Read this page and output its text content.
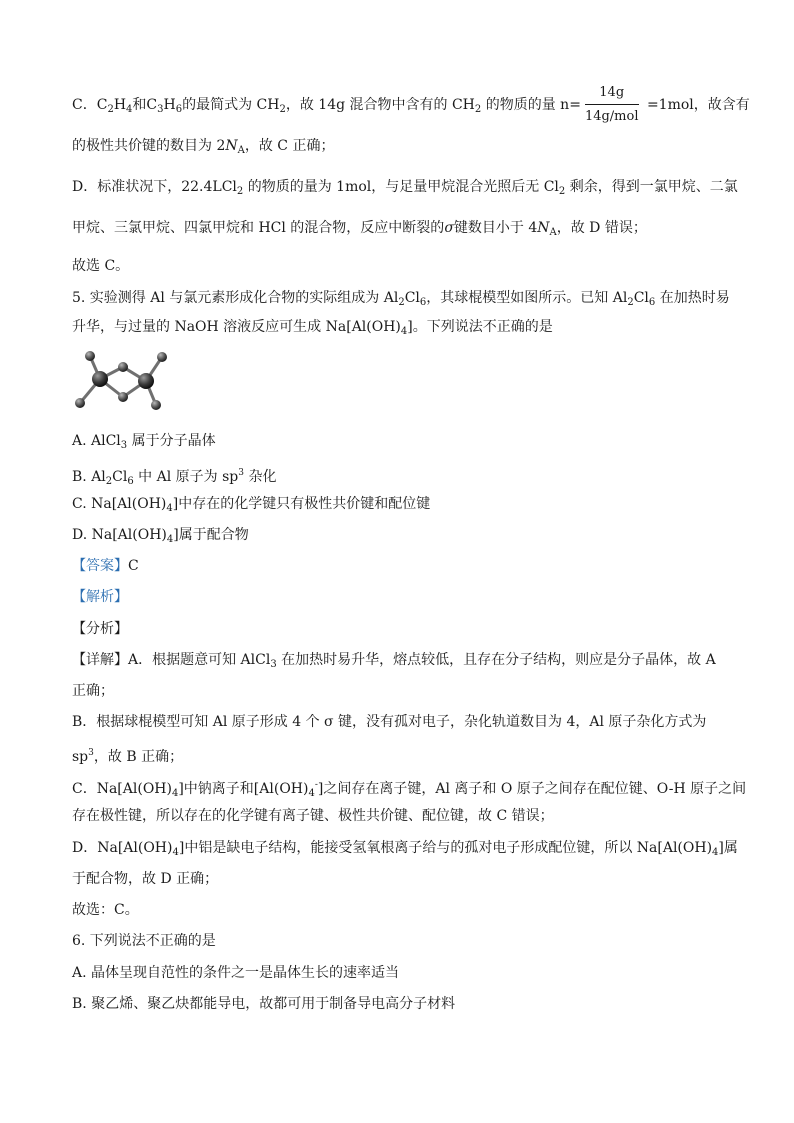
C．$C_2H_4$和$C_3H_6$的最简式为 $CH_2$，故 14g 混合物中含有的 $CH_2$ 的物质的量 $n= \frac{14g}{\text{14g/mol}} =1mol$，故含有
的极性共价键的数目为 $2N_A$，故 C 正确；
D．标准状况下，22.4LCl$_2$ 的物质的量为 1mol，与足量甲烷混合光照后无 $Cl_2$ 剩余，得到一氯甲烷、二氯
甲烷、三氯甲烷、四氯甲烷和 HCl 的混合物，反应中断裂的σ键数目小于 $4N_A$，故 D 错误；
故选 C。
5. 实验测得 Al 与氯元素形成化合物的实际组成为 $Al_2Cl_6$，其球棍模型如图所示。已知 $Al_2Cl_6$ 在加热时易
升华，与过量的 NaOH 溶液反应可生成 $Na[Al(OH)_4]$。下列说法不正确的是
A. AlCl$_3$ 属于分子晶体
B. $Al_2Cl_6$ 中 Al 原子为 $sp^3$ 杂化
C. $Na[Al(OH)_4]$中存在的化学键只有极性共价键和配位键
D. $Na[Al(OH)_4]$属于配合物
【答案】C
【解析】
【分析】
【详解】A．根据题意可知 AlCl$_3$ 在加热时易升华，熔点较低，且存在分子结构，则应是分子晶体，故 A
正确；
B．根据球棍模型可知 Al 原子形成 4 个 σ 键，没有孤对电子，杂化轨道数目为 4，Al 原子杂化方式为
$sp^3$，故 B 正确；
C．$Na[Al(OH)_4]$中钠离子和$[Al(OH)_4^-]$之间存在离子键，Al 离子和 O 原子之间存在配位键、O-H 原子之间
存在极性键，所以存在的化学键有离子键、极性共价键、配位键，故 C 错误；
D．$Na[Al(OH)_4]$中铝是缺电子结构，能接受氢氧根离子给与的孤对电子形成配位键，所以 $Na[Al(OH)_4]$属
于配合物，故 D 正确；
故选：C。
6. 下列说法不正确的是
A. 晶体呈现自范性的条件之一是晶体生长的速率适当
B. 聚乙烯、聚乙炔都能导电，故都可用于制备导电高分子材料
